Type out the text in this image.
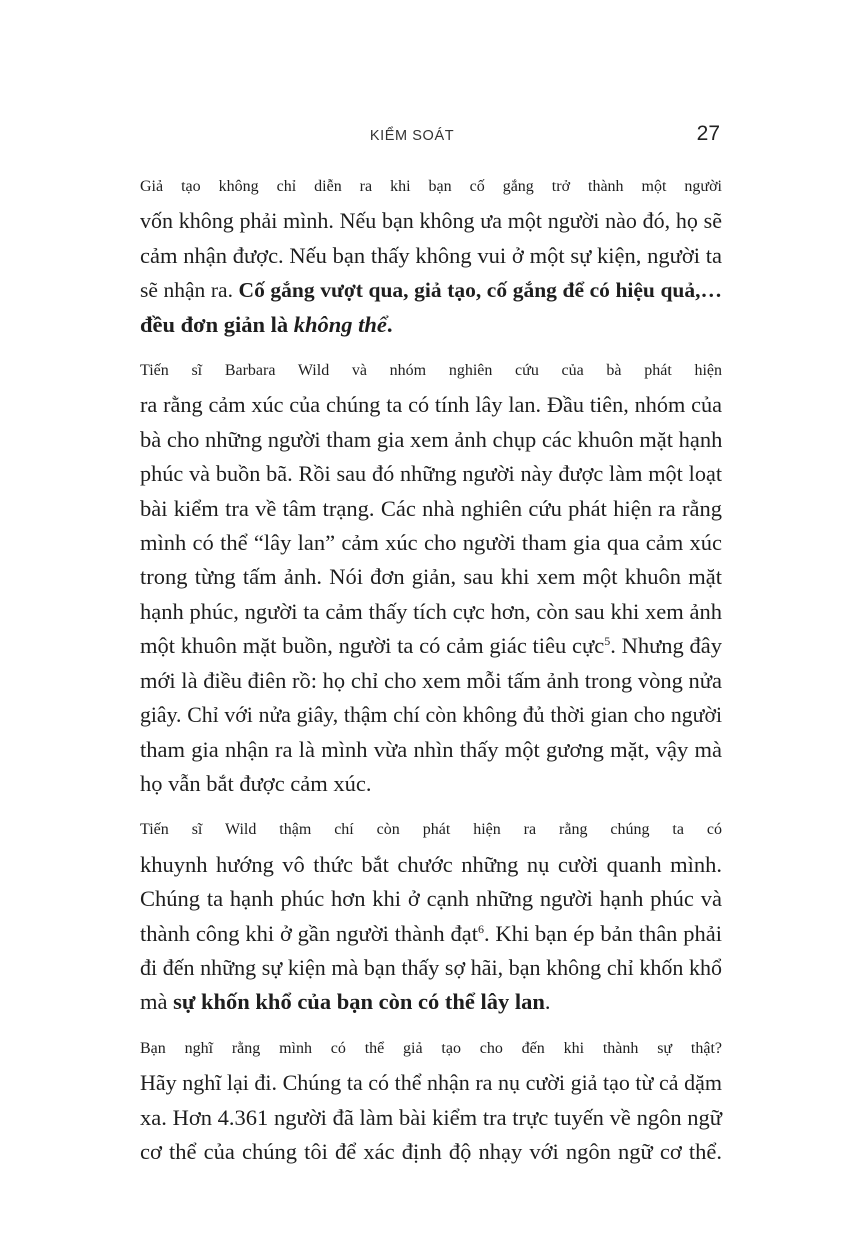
KIỂM SOÁT	27

Giả tạo không chỉ diễn ra khi bạn cố gắng trở thành một người
vốn không phải mình. Nếu bạn không ưa một người nào đó, họ sẽ
cảm nhận được. Nếu bạn thấy không vui ở một sự kiện, người ta
sẽ nhận ra. Cố gắng vượt qua, giả tạo, cố gắng để có hiệu quả,…
đều đơn giản là không thể.

Tiến sĩ Barbara Wild và nhóm nghiên cứu của bà phát hiện
ra rằng cảm xúc của chúng ta có tính lây lan. Đầu tiên, nhóm của
bà cho những người tham gia xem ảnh chụp các khuôn mặt hạnh
phúc và buồn bã. Rồi sau đó những người này được làm một loạt
bài kiểm tra về tâm trạng. Các nhà nghiên cứu phát hiện ra rằng
mình có thể “lây lan” cảm xúc cho người tham gia qua cảm xúc
trong từng tấm ảnh. Nói đơn giản, sau khi xem một khuôn mặt
hạnh phúc, người ta cảm thấy tích cực hơn, còn sau khi xem ảnh
một khuôn mặt buồn, người ta có cảm giác tiêu cực$^5$. Nhưng đây
mới là điều điên rồ: họ chỉ cho xem mỗi tấm ảnh trong vòng nửa
giây. Chỉ với nửa giây, thậm chí còn không đủ thời gian cho người
tham gia nhận ra là mình vừa nhìn thấy một gương mặt, vậy mà
họ vẫn bắt được cảm xúc.

Tiến sĩ Wild thậm chí còn phát hiện ra rằng chúng ta có
khuynh hướng vô thức bắt chước những nụ cười quanh mình.
Chúng ta hạnh phúc hơn khi ở cạnh những người hạnh phúc và
thành công khi ở gần người thành đạt$^6$. Khi bạn ép bản thân phải
đi đến những sự kiện mà bạn thấy sợ hãi, bạn không chỉ khốn khổ
mà sự khốn khổ của bạn còn có thể lây lan.

Bạn nghĩ rằng mình có thể giả tạo cho đến khi thành sự thật?
Hãy nghĩ lại đi. Chúng ta có thể nhận ra nụ cười giả tạo từ cả dặm
xa. Hơn 4.361 người đã làm bài kiểm tra trực tuyến về ngôn ngữ
cơ thể của chúng tôi để xác định độ nhạy với ngôn ngữ cơ thể.
